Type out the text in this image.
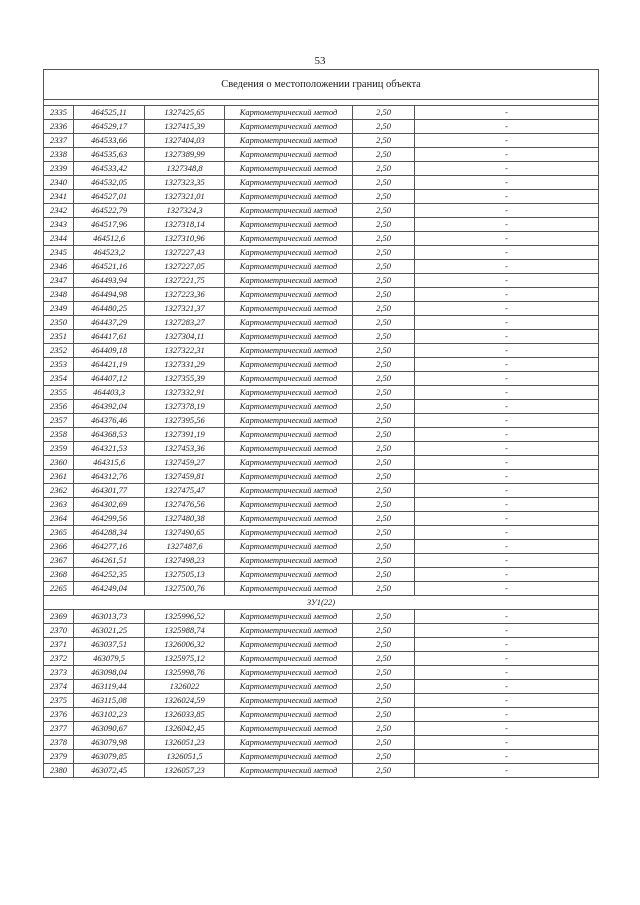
53
Сведения о местоположении границ объекта					

2335	464525,11	1327425,65	Картометрический метод	2,50	-
2336	464529,17	1327415,39	Картометрический метод	2,50	-
2337	464533,66	1327404,03	Картометрический метод	2,50	-
2338	464535,63	1327389,99	Картометрический метод	2,50	-
2339	464533,42	1327348,8	Картометрический метод	2,50	-
2340	464532,05	1327323,35	Картометрический метод	2,50	-
2341	464527,01	1327321,01	Картометрический метод	2,50	-
2342	464522,79	1327324,3	Картометрический метод	2,50	-
2343	464517,96	1327318,14	Картометрический метод	2,50	-
2344	464512,6	1327310,96	Картометрический метод	2,50	-
2345	464523,2	1327227,43	Картометрический метод	2,50	-
2346	464521,16	1327227,05	Картометрический метод	2,50	-
2347	464493,94	1327221,75	Картометрический метод	2,50	-
2348	464494,98	1327223,36	Картометрический метод	2,50	-
2349	464480,25	1327321,37	Картометрический метод	2,50	-
2350	464437,29	1327283,27	Картометрический метод	2,50	-
2351	464417,61	1327304,11	Картометрический метод	2,50	-
2352	464409,18	1327322,31	Картометрический метод	2,50	-
2353	464421,19	1327331,29	Картометрический метод	2,50	-
2354	464407,12	1327355,39	Картометрический метод	2,50	-
2355	464403,3	1327332,91	Картометрический метод	2,50	-
2356	464392,04	1327378,19	Картометрический метод	2,50	-
2357	464376,46	1327395,56	Картометрический метод	2,50	-
2358	464368,53	1327391,19	Картометрический метод	2,50	-
2359	464321,53	1327453,36	Картометрический метод	2,50	-
2360	464315,6	1327459,27	Картометрический метод	2,50	-
2361	464312,76	1327459,81	Картометрический метод	2,50	-
2362	464301,77	1327475,47	Картометрический метод	2,50	-
2363	464302,69	1327476,56	Картометрический метод	2,50	-
2364	464299,56	1327480,38	Картометрический метод	2,50	-
2365	464288,34	1327490,65	Картометрический метод	2,50	-
2366	464277,16	1327487,6	Картометрический метод	2,50	-
2367	464261,51	1327498,23	Картометрический метод	2,50	-
2368	464252,35	1327505,13	Картометрический метод	2,50	-
2265	464249,04	1327500,76	Картометрический метод	2,50	-
ЗУ1(22)					
2369	463013,73	1325996,52	Картометрический метод	2,50	-
2370	463021,25	1325988,74	Картометрический метод	2,50	-
2371	463037,51	1326006,32	Картометрический метод	2,50	-
2372	463079,5	1325975,12	Картометрический метод	2,50	-
2373	463098,04	1325998,76	Картометрический метод	2,50	-
2374	463119,44	1326022	Картометрический метод	2,50	-
2375	463115,08	1326024,59	Картометрический метод	2,50	-
2376	463102,23	1326033,85	Картометрический метод	2,50	-
2377	463090,67	1326042,45	Картометрический метод	2,50	-
2378	463079,98	1326051,23	Картометрический метод	2,50	-
2379	463079,85	1326051,5	Картометрический метод	2,50	-
2380	463072,45	1326057,23	Картометрический метод	2,50	-
